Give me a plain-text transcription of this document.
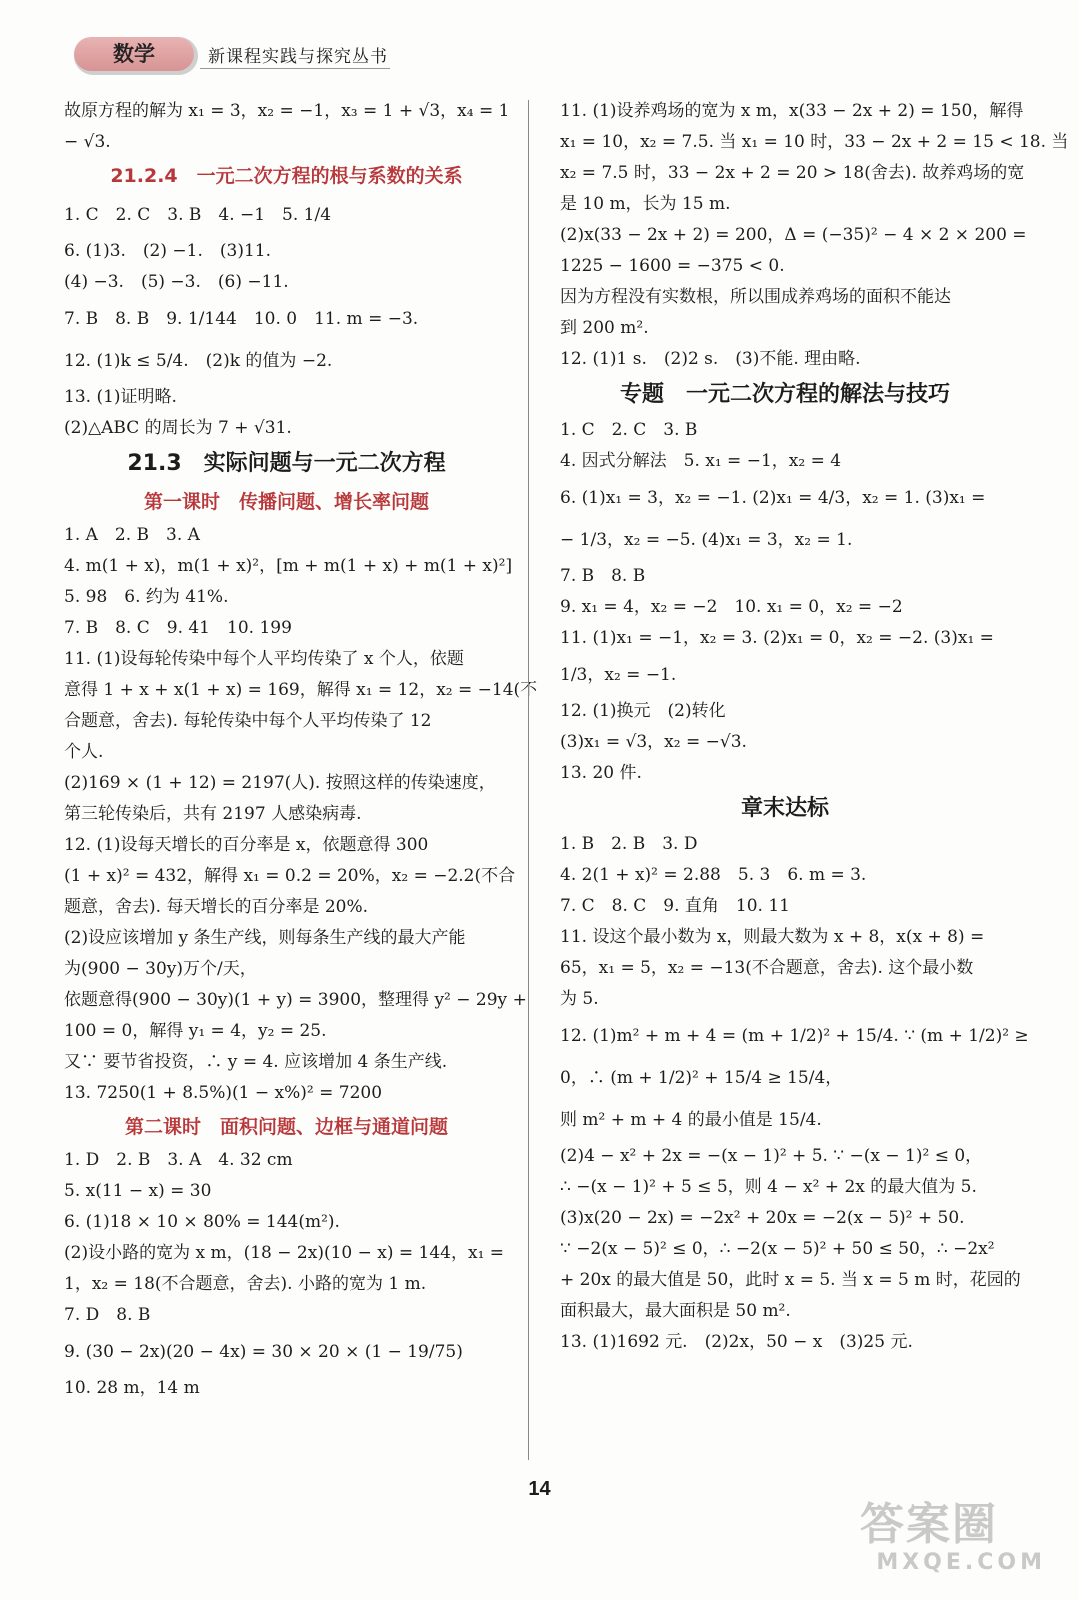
数学	新课程实践与探究丛书
故原方程的解为 x₁ = 3，x₂ = −1，x₃ = 1 + √3，x₄ = 1
− √3.
21.2.4　一元二次方程的根与系数的关系
1. C　2. C　3. B　4. −1　5. 1/4
6. (1)3.　(2) −1.　(3)11.
(4) −3.　(5) −3.　(6) −11.
7. B　8. B　9. 1/144　10. 0　11. m = −3.
12. (1)k ≤ 5/4.　(2)k 的值为 −2.
13. (1)证明略.
(2)△ABC 的周长为 7 + √31.
21.3　实际问题与一元二次方程
第一课时　传播问题、增长率问题
1. A　2. B　3. A
4. m(1 + x)，m(1 + x)²，[m + m(1 + x) + m(1 + x)²]
5. 98　6. 约为 41%.
7. B　8. C　9. 41　10. 199
11. (1)设每轮传染中每个人平均传染了 x 个人，依题
意得 1 + x + x(1 + x) = 169，解得 x₁ = 12，x₂ = −14(不
合题意，舍去). 每轮传染中每个人平均传染了 12
个人.
(2)169 × (1 + 12) = 2197(人). 按照这样的传染速度，
第三轮传染后，共有 2197 人感染病毒.
12. (1)设每天增长的百分率是 x，依题意得 300
(1 + x)² = 432，解得 x₁ = 0.2 = 20%，x₂ = −2.2(不合
题意，舍去). 每天增长的百分率是 20%.
(2)设应该增加 y 条生产线，则每条生产线的最大产能
为(900 − 30y)万个/天，
依题意得(900 − 30y)(1 + y) = 3900，整理得 y² − 29y +
100 = 0，解得 y₁ = 4，y₂ = 25.
又∵ 要节省投资，∴ y = 4. 应该增加 4 条生产线.
13. 7250(1 + 8.5%)(1 − x%)² = 7200
第二课时　面积问题、边框与通道问题
1. D　2. B　3. A　4. 32 cm
5. x(11 − x) = 30
6. (1)18 × 10 × 80% = 144(m²).
(2)设小路的宽为 x m，(18 − 2x)(10 − x) = 144，x₁ =
1，x₂ = 18(不合题意，舍去). 小路的宽为 1 m.
7. D　8. B
9. (30 − 2x)(20 − 4x) = 30 × 20 × (1 − 19/75)
10. 28 m，14 m
11. (1)设养鸡场的宽为 x m，x(33 − 2x + 2) = 150，解得
x₁ = 10，x₂ = 7.5. 当 x₁ = 10 时，33 − 2x + 2 = 15 < 18. 当
x₂ = 7.5 时，33 − 2x + 2 = 20 > 18(舍去). 故养鸡场的宽
是 10 m，长为 15 m.
(2)x(33 − 2x + 2) = 200，Δ = (−35)² − 4 × 2 × 200 =
1225 − 1600 = −375 < 0.
因为方程没有实数根，所以围成养鸡场的面积不能达
到 200 m².
12. (1)1 s.　(2)2 s.　(3)不能. 理由略.
专题　一元二次方程的解法与技巧
1. C　2. C　3. B
4. 因式分解法　5. x₁ = −1，x₂ = 4
6. (1)x₁ = 3，x₂ = −1. (2)x₁ = 4/3，x₂ = 1. (3)x₁ =
− 1/3，x₂ = −5. (4)x₁ = 3，x₂ = 1.
7. B　8. B
9. x₁ = 4，x₂ = −2　10. x₁ = 0，x₂ = −2
11. (1)x₁ = −1，x₂ = 3. (2)x₁ = 0，x₂ = −2. (3)x₁ =
1/3，x₂ = −1.
12. (1)换元　(2)转化
(3)x₁ = √3，x₂ = −√3.
13. 20 件.
章末达标
1. B　2. B　3. D
4. 2(1 + x)² = 2.88　5. 3　6. m = 3.
7. C　8. C　9. 直角　10. 11
11. 设这个最小数为 x，则最大数为 x + 8，x(x + 8) =
65，x₁ = 5，x₂ = −13(不合题意，舍去). 这个最小数
为 5.
12. (1)m² + m + 4 = (m + 1/2)² + 15/4. ∵ (m + 1/2)² ≥
0，∴ (m + 1/2)² + 15/4 ≥ 15/4，
则 m² + m + 4 的最小值是 15/4.
(2)4 − x² + 2x = −(x − 1)² + 5. ∵ −(x − 1)² ≤ 0，
∴ −(x − 1)² + 5 ≤ 5，则 4 − x² + 2x 的最大值为 5.
(3)x(20 − 2x) = −2x² + 20x = −2(x − 5)² + 50.
∵ −2(x − 5)² ≤ 0，∴ −2(x − 5)² + 50 ≤ 50，∴ −2x²
+ 20x 的最大值是 50，此时 x = 5. 当 x = 5 m 时，花园的
面积最大，最大面积是 50 m².
13. (1)1692 元.　(2)2x，50 − x　(3)25 元.
14
答案圈
MXQE.COM
